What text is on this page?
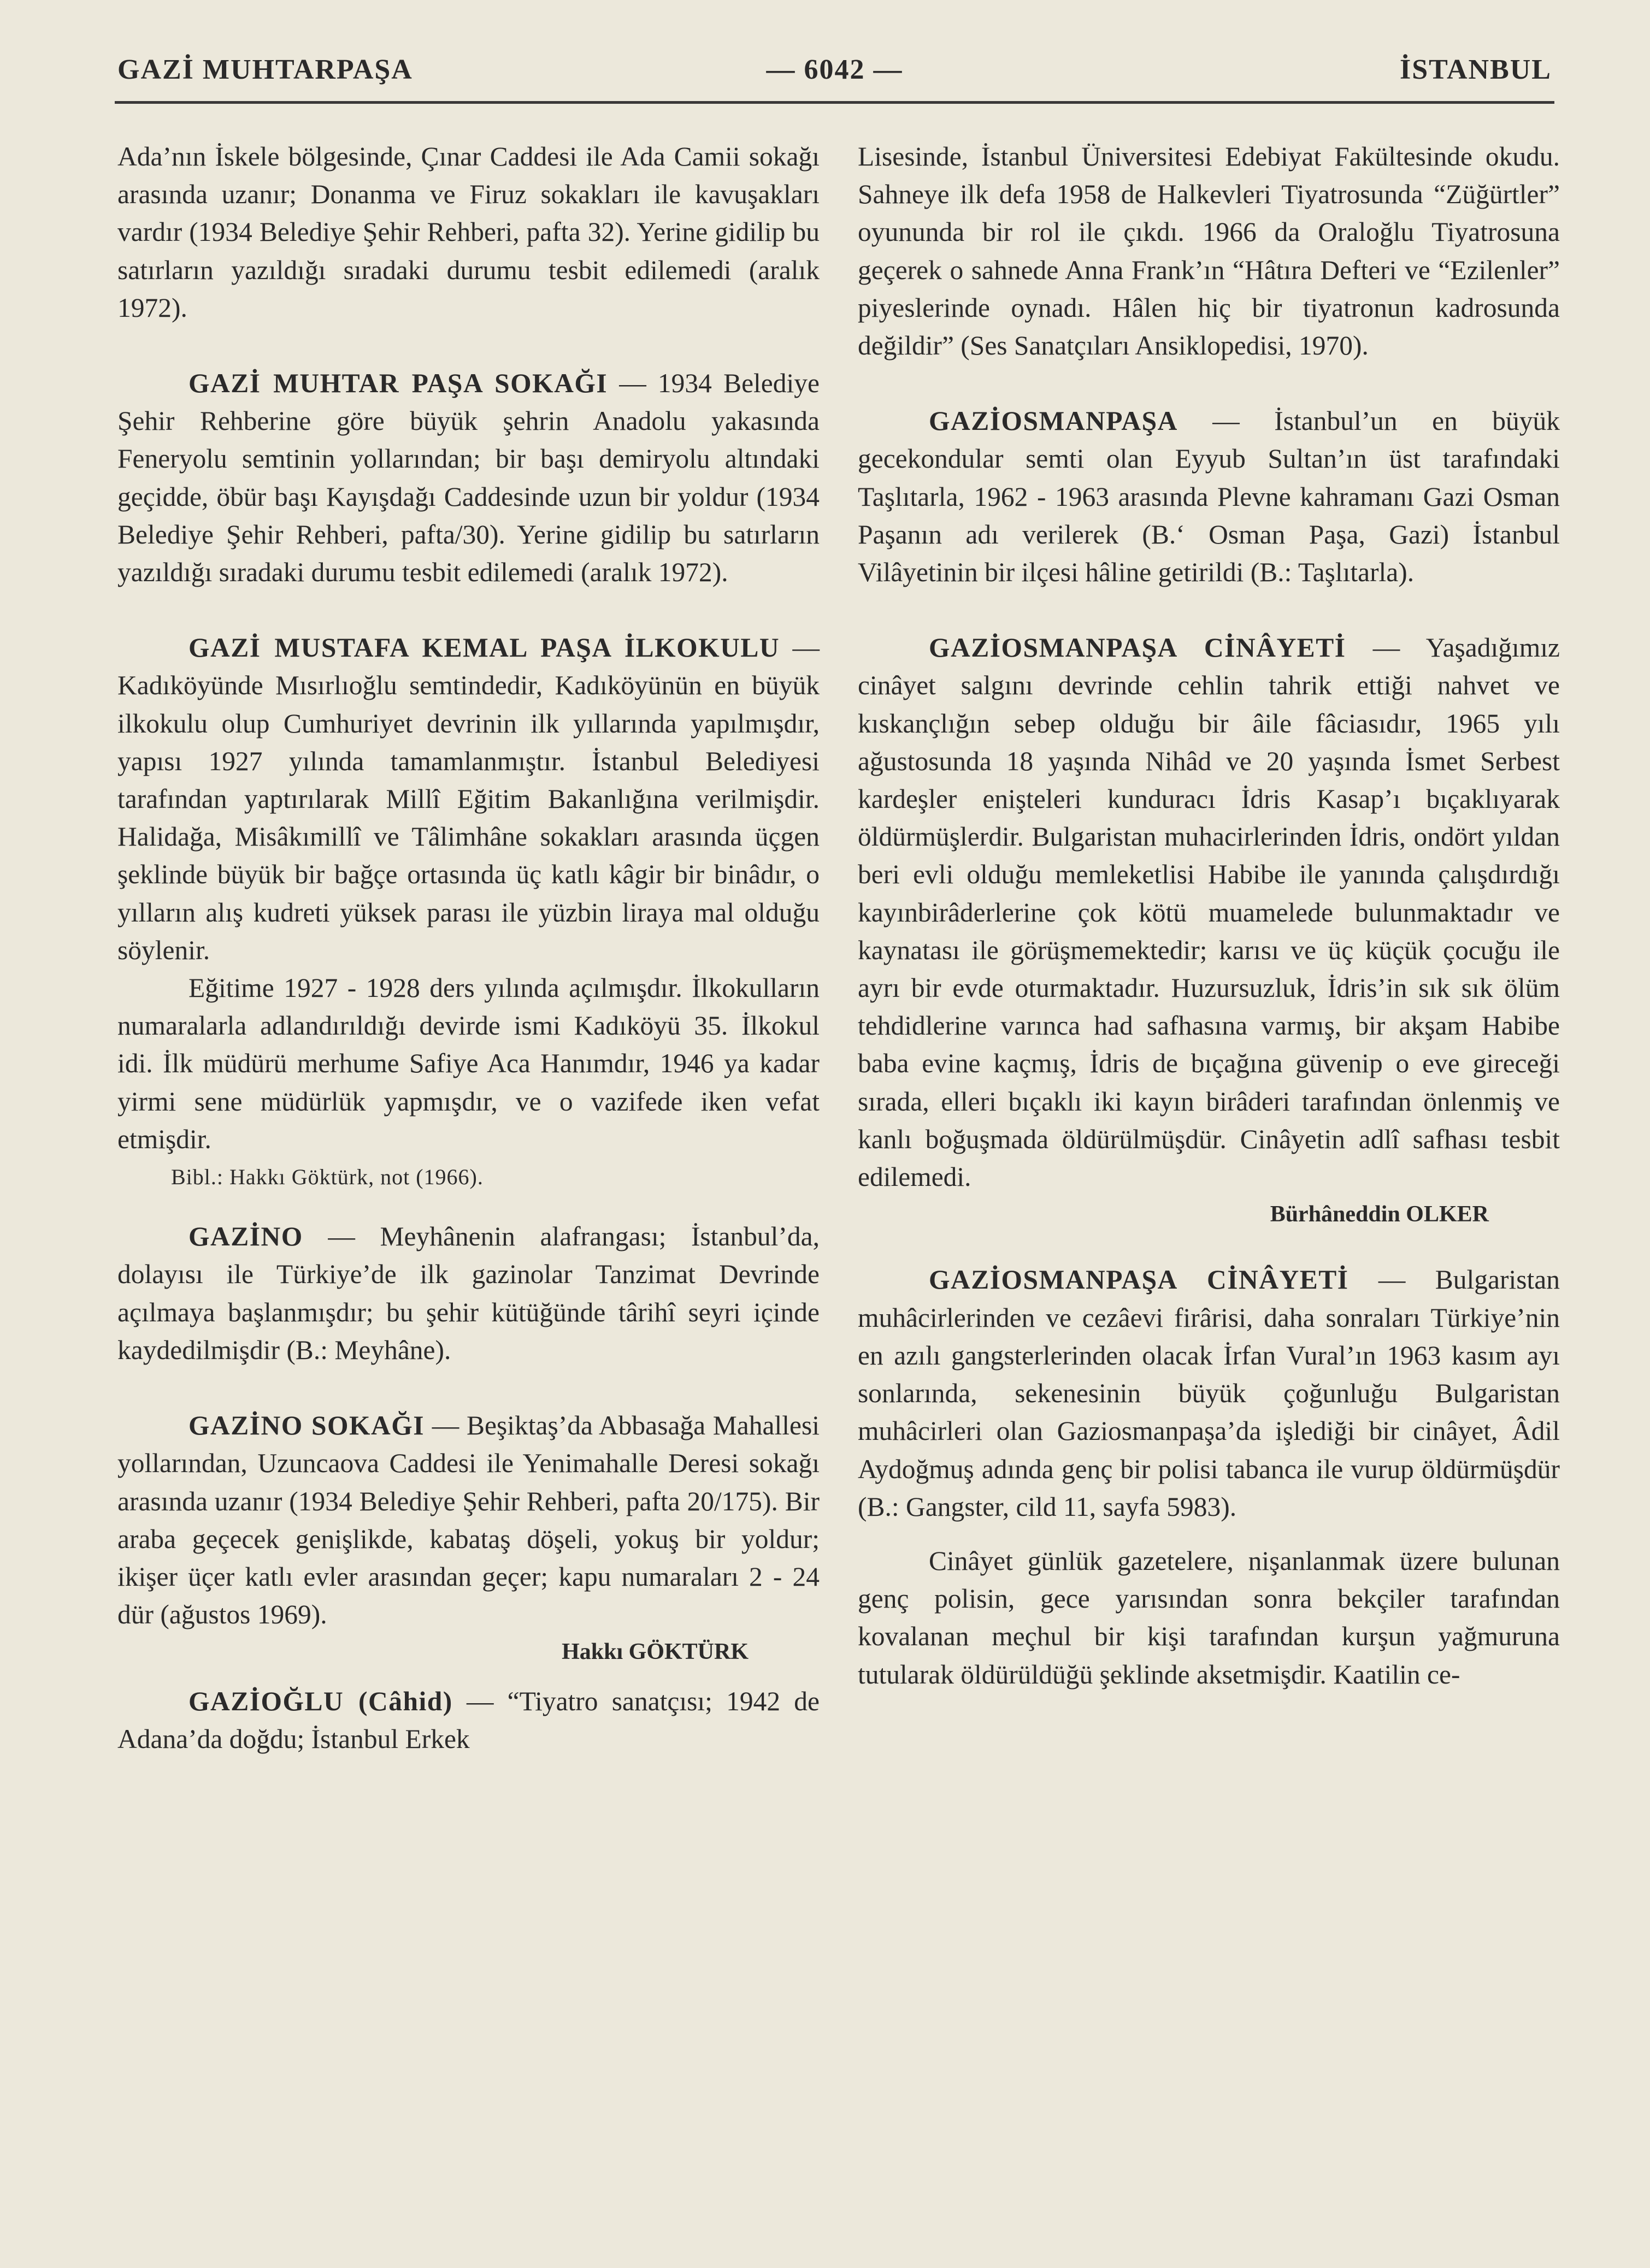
GAZİ MUHTARPAŞA	— 6042 —	İSTANBUL

Ada’nın İskele bölgesinde, Çınar Caddesi ile Ada Camii sokağı arasında uzanır; Donanma ve Firuz sokakları ile kavuşakları vardır (1934 Belediye Şehir Rehberi, pafta 32). Yerine gidilip bu satırların yazıldığı sıradaki durumu tesbit edilemedi (aralık 1972).

GAZİ MUHTAR PAŞA SOKAĞI — 1934 Belediye Şehir Rehberine göre büyük şehrin Anadolu yakasında Feneryolu semtinin yollarından; bir başı demiryolu altındaki geçidde, öbür başı Kayışdağı Caddesinde uzun bir yoldur (1934 Belediye Şehir Rehberi, pafta/30). Yerine gidilip bu satırların yazıldığı sıradaki durumu tesbit edilemedi (aralık 1972).

GAZİ MUSTAFA KEMAL PAŞA İLKOKULU — Kadıköyünde Mısırlıoğlu semtindedir, Kadıköyünün en büyük ilkokulu olup Cumhuriyet devrinin ilk yıllarında yapılmışdır, yapısı 1927 yılında tamamlanmıştır. İstanbul Belediyesi tarafından yaptırılarak Millî Eğitim Bakanlığına verilmişdir. Halidağa, Misâkımillî ve Tâlimhâne sokakları arasında üçgen şeklinde büyük bir bağçe ortasında üç katlı kâgir bir binâdır, o yılların alış kudreti yüksek parası ile yüzbin liraya mal olduğu söylenir.

Eğitime 1927 - 1928 ders yılında açılmışdır. İlkokulların numaralarla adlandırıldığı devirde ismi Kadıköyü 35. İlkokul idi. İlk müdürü merhume Safiye Aca Hanımdır, 1946 ya kadar yirmi sene müdürlük yapmışdır, ve o vazifede iken vefat etmişdir.

Bibl.: Hakkı Göktürk, not (1966).

GAZİNO — Meyhânenin alafrangası; İstanbul’da, dolayısı ile Türkiye’de ilk gazinolar Tanzimat Devrinde açılmaya başlanmışdır; bu şehir kütüğünde târihî seyri içinde kaydedilmişdir (B.: Meyhâne).

GAZİNO SOKAĞI — Beşiktaş’da Abbasağa Mahallesi yollarından, Uzuncaova Caddesi ile Yenimahalle Deresi sokağı arasında uzanır (1934 Belediye Şehir Rehberi, pafta 20/175). Bir araba geçecek genişlikde, kabataş döşeli, yokuş bir yoldur; ikişer üçer katlı evler arasından geçer; kapu numaraları 2 - 24 dür (ağustos 1969).

Hakkı GÖKTÜRK

GAZİOĞLU (Câhid) — “Tiyatro sanatçısı; 1942 de Adana’da doğdu; İstanbul Erkek

Lisesinde, İstanbul Üniversitesi Edebiyat Fakültesinde okudu. Sahneye ilk defa 1958 de Halkevleri Tiyatrosunda “Züğürtler” oyununda bir rol ile çıkdı. 1966 da Oraloğlu Tiyatrosuna geçerek o sahnede Anna Frank’ın “Hâtıra Defteri ve “Ezilenler” piyeslerinde oynadı. Hâlen hiç bir tiyatronun kadrosunda değildir” (Ses Sanatçıları Ansiklopedisi, 1970).

GAZİOSMANPAŞA — İstanbul’un en büyük gecekondular semti olan Eyyub Sultan’ın üst tarafındaki Taşlıtarla, 1962 - 1963 arasında Plevne kahramanı Gazi Osman Paşanın adı verilerek (B.‘ Osman Paşa, Gazi) İstanbul Vilâyetinin bir ilçesi hâline getirildi (B.: Taşlıtarla).

GAZİOSMANPAŞA CİNÂYETİ — Yaşadığımız cinâyet salgını devrinde cehlin tahrik ettiği nahvet ve kıskançlığın sebep olduğu bir âile fâciasıdır, 1965 yılı ağustosunda 18 yaşında Nihâd ve 20 yaşında İsmet Serbest kardeşler enişteleri kunduracı İdris Kasap’ı bıçaklıyarak öldürmüşlerdir. Bulgaristan muhacirlerinden İdris, ondört yıldan beri evli olduğu memleketlisi Habibe ile yanında çalışdırdığı kayınbirâderlerine çok kötü muamelede bulunmaktadır ve kaynatası ile görüşmemektedir; karısı ve üç küçük çocuğu ile ayrı bir evde oturmaktadır. Huzursuzluk, İdris’in sık sık ölüm tehdidlerine varınca had safhasına varmış, bir akşam Habibe baba evine kaçmış, İdris de bıçağına güvenip o eve gireceği sırada, elleri bıçaklı iki kayın birâderi tarafından önlenmiş ve kanlı boğuşmada öldürülmüşdür. Cinâyetin adlî safhası tesbit edilemedi.

Bürhâneddin OLKER

GAZİOSMANPAŞA CİNÂYETİ — Bulgaristan muhâcirlerinden ve cezâevi firârisi, daha sonraları Türkiye’nin en azılı gangsterlerinden olacak İrfan Vural’ın 1963 kasım ayı sonlarında, sekenesinin büyük çoğunluğu Bulgaristan muhâcirleri olan Gaziosmanpaşa’da işlediği bir cinâyet, Âdil Aydoğmuş adında genç bir polisi tabanca ile vurup öldürmüşdür (B.: Gangster, cild 11, sayfa 5983).

Cinâyet günlük gazetelere, nişanlanmak üzere bulunan genç polisin, gece yarısından sonra bekçiler tarafından kovalanan meçhul bir kişi tarafından kurşun yağmuruna tutularak öldürüldüğü şeklinde aksetmişdir. Kaatilin ce-
